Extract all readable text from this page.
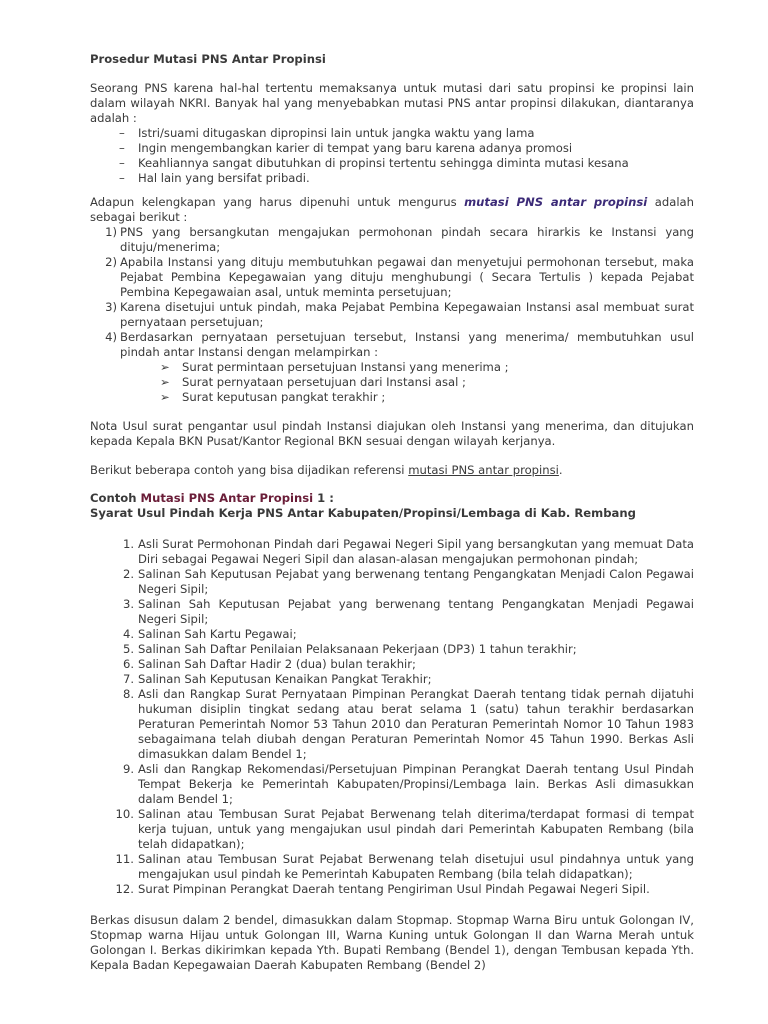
Prosedur Mutasi PNS Antar Propinsi

Seorang PNS karena hal-hal tertentu memaksanya untuk mutasi dari satu propinsi ke propinsi lain dalam wilayah NKRI. Banyak hal yang menyebabkan mutasi PNS antar propinsi dilakukan, diantaranya adalah :

– Istri/suami ditugaskan dipropinsi lain untuk jangka waktu yang lama
– Ingin mengembangkan karier di tempat yang baru karena adanya promosi
– Keahliannya sangat dibutuhkan di propinsi tertentu sehingga diminta mutasi kesana
– Hal lain yang bersifat pribadi.

Adapun kelengkapan yang harus dipenuhi untuk mengurus mutasi PNS antar propinsi adalah sebagai berikut :

1) PNS yang bersangkutan mengajukan permohonan pindah secara hirarkis ke Instansi yang dituju/menerima;
2) Apabila Instansi yang dituju membutuhkan pegawai dan menyetujui permohonan tersebut, maka Pejabat Pembina Kepegawaian yang dituju menghubungi ( Secara Tertulis ) kepada Pejabat Pembina Kepegawaian asal, untuk meminta persetujuan;
3) Karena disetujui untuk pindah, maka Pejabat Pembina Kepegawaian Instansi asal membuat surat pernyataan persetujuan;
4) Berdasarkan pernyataan persetujuan tersebut, Instansi yang menerima/ membutuhkan usul pindah antar Instansi dengan melampirkan :
➢ Surat permintaan persetujuan Instansi yang menerima ;
➢ Surat pernyataan persetujuan dari Instansi asal ;
➢ Surat keputusan pangkat terakhir ;

Nota Usul surat pengantar usul pindah Instansi diajukan oleh Instansi yang menerima, dan ditujukan kepada Kepala BKN Pusat/Kantor Regional BKN sesuai dengan wilayah kerjanya.

Berikut beberapa contoh yang bisa dijadikan referensi mutasi PNS antar propinsi.

Contoh Mutasi PNS Antar Propinsi 1 :
Syarat Usul Pindah Kerja PNS Antar Kabupaten/Propinsi/Lembaga di Kab. Rembang
1. Asli Surat Permohonan Pindah dari Pegawai Negeri Sipil yang bersangkutan yang memuat Data Diri sebagai Pegawai Negeri Sipil dan alasan-alasan mengajukan permohonan pindah;
2. Salinan Sah Keputusan Pejabat yang berwenang tentang Pengangkatan Menjadi Calon Pegawai Negeri Sipil;
3. Salinan Sah Keputusan Pejabat yang berwenang tentang Pengangkatan Menjadi Pegawai Negeri Sipil;
4. Salinan Sah Kartu Pegawai;
5. Salinan Sah Daftar Penilaian Pelaksanaan Pekerjaan (DP3) 1 tahun terakhir;
6. Salinan Sah Daftar Hadir 2 (dua) bulan terakhir;
7. Salinan Sah Keputusan Kenaikan Pangkat Terakhir;
8. Asli dan Rangkap Surat Pernyataan Pimpinan Perangkat Daerah tentang tidak pernah dijatuhi hukuman disiplin tingkat sedang atau berat selama 1 (satu) tahun terakhir berdasarkan Peraturan Pemerintah Nomor 53 Tahun 2010 dan Peraturan Pemerintah Nomor 10 Tahun 1983 sebagaimana telah diubah dengan Peraturan Pemerintah Nomor 45 Tahun 1990. Berkas Asli dimasukkan dalam Bendel 1;
9. Asli dan Rangkap Rekomendasi/Persetujuan Pimpinan Perangkat Daerah tentang Usul Pindah Tempat Bekerja ke Pemerintah Kabupaten/Propinsi/Lembaga lain. Berkas Asli dimasukkan dalam Bendel 1;
10. Salinan atau Tembusan Surat Pejabat Berwenang telah diterima/terdapat formasi di tempat kerja tujuan, untuk yang mengajukan usul pindah dari Pemerintah Kabupaten Rembang (bila telah didapatkan);
11. Salinan atau Tembusan Surat Pejabat Berwenang telah disetujui usul pindahnya untuk yang mengajukan usul pindah ke Pemerintah Kabupaten Rembang (bila telah didapatkan);
12. Surat Pimpinan Perangkat Daerah tentang Pengiriman Usul Pindah Pegawai Negeri Sipil.

Berkas disusun dalam 2 bendel, dimasukkan dalam Stopmap. Stopmap Warna Biru untuk Golongan IV, Stopmap warna Hijau untuk Golongan III, Warna Kuning untuk Golongan II dan Warna Merah untuk Golongan I. Berkas dikirimkan kepada Yth. Bupati Rembang (Bendel 1), dengan Tembusan kepada Yth. Kepala Badan Kepegawaian Daerah Kabupaten Rembang (Bendel 2)
